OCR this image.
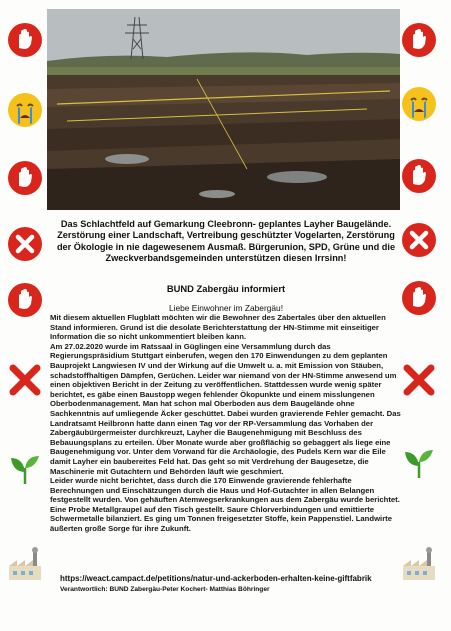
Das Schlachtfeld auf Gemarkung Cleebronn- geplantes Layher Baugelände.
Zerstörung einer Landschaft, Vertreibung geschützter Vogelarten, Zerstörung
der Ökologie in nie dagewesenem Ausmaß. Bürgerunion, SPD, Grüne und die
Zweckverbandsgemeinden unterstützen diesen Irrsinn!
BUND Zabergäu informiert
Liebe Einwohner im Zabergäu!

Mit diesem aktuellen Flugblatt möchten wir die Bewohner des Zabertales über den aktuellen Stand informieren. Grund ist die desolate Berichterstattung der HN-Stimme mit einseitiger Information die so nicht unkommentiert bleiben kann.

Am 27.02.2020 wurde im Ratssaal in Güglingen eine Versammlung durch das Regierungspräsidium Stuttgart einberufen, wegen den 170 Einwendungen zu dem geplanten Bauprojekt Langwiesen IV und der Wirkung auf die Umwelt u. a. mit Emission von Stäuben, schadstoffhaltigen Dämpfen, Gerüchen. Leider war niemand von der HN-Stimme anwesend um einen objektiven Bericht in der Zeitung zu veröffentlichen. Stattdessen wurde wenig später berichtet, es gäbe einen Baustopp wegen fehlender Ökopunkte und einem misslungenen Oberbodenmanagement. Man hat schon mal Oberboden aus dem Baugelände ohne Sachkenntnis auf umliegende Äcker geschüttet. Dabei wurden gravierende Fehler gemacht. Das Landratsamt Heilbronn hatte dann einen Tag vor der RP-Versammlung das Vorhaben der Zabergäubürgermeister durchkreuzt, Layher die Baugenehmigung mit Beschluss des Bebauungsplans zu erteilen. Über Monate wurde aber großflächig so gebaggert als liege eine Baugenehmigung vor. Unter dem Vorwand für die Archäologie, des Pudels Kern war die Eile damit Layher ein baubereites Feld hat. Das geht so mit Verdrehung der Baugesetze, die Maschinerie mit Gutachtern und Behörden läuft wie geschmiert.

Leider wurde nicht berichtet, dass durch die 170 Einwende gravierende fehlerhafte Berechnungen und Einschätzungen durch die Haus und Hof-Gutachter in allen Belangen festgestellt wurden. Von gehäuften Atemwegserkrankungen aus dem Zabergäu wurde berichtet. Eine Probe Metallgraupel auf den Tisch gestellt. Saure Chlorverbindungen und emittierte Schwermetalle bilanziert. Es ging um Tonnen freigesetzter Stoffe, kein Pappenstiel. Landwirte äußerten große Sorge für ihre Zukunft.

https://weact.campact.de/petitions/natur-und-ackerboden-erhalten-keine-giftfabrik
Verantwortlich: BUND Zabergäu-Peter Kochert- Matthias Böhringer
